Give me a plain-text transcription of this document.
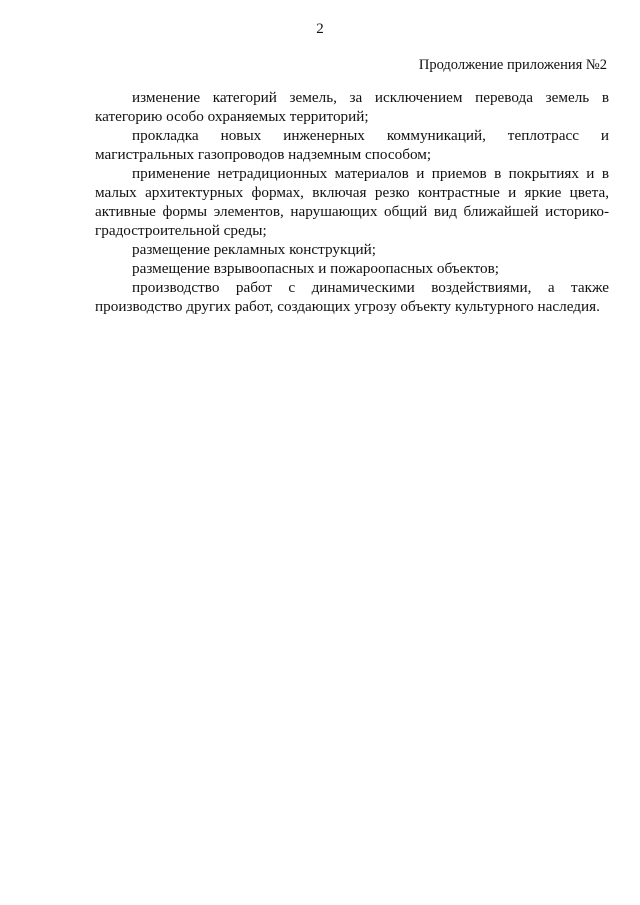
2
Продолжение приложения №2

изменение категорий земель, за исключением перевода земель в категорию особо охраняемых территорий;

прокладка новых инженерных коммуникаций, теплотрасс и магистральных газопроводов надземным способом;

применение нетрадиционных материалов и приемов в покрытиях и в малых архитектурных формах, включая резко контрастные и яркие цвета, активные формы элементов, нарушающих общий вид ближайшей историко-градостроительной среды;

размещение рекламных конструкций;

размещение взрывоопасных и пожароопасных объектов;

производство работ с динамическими воздействиями, а также производство других работ, создающих угрозу объекту культурного наследия.
